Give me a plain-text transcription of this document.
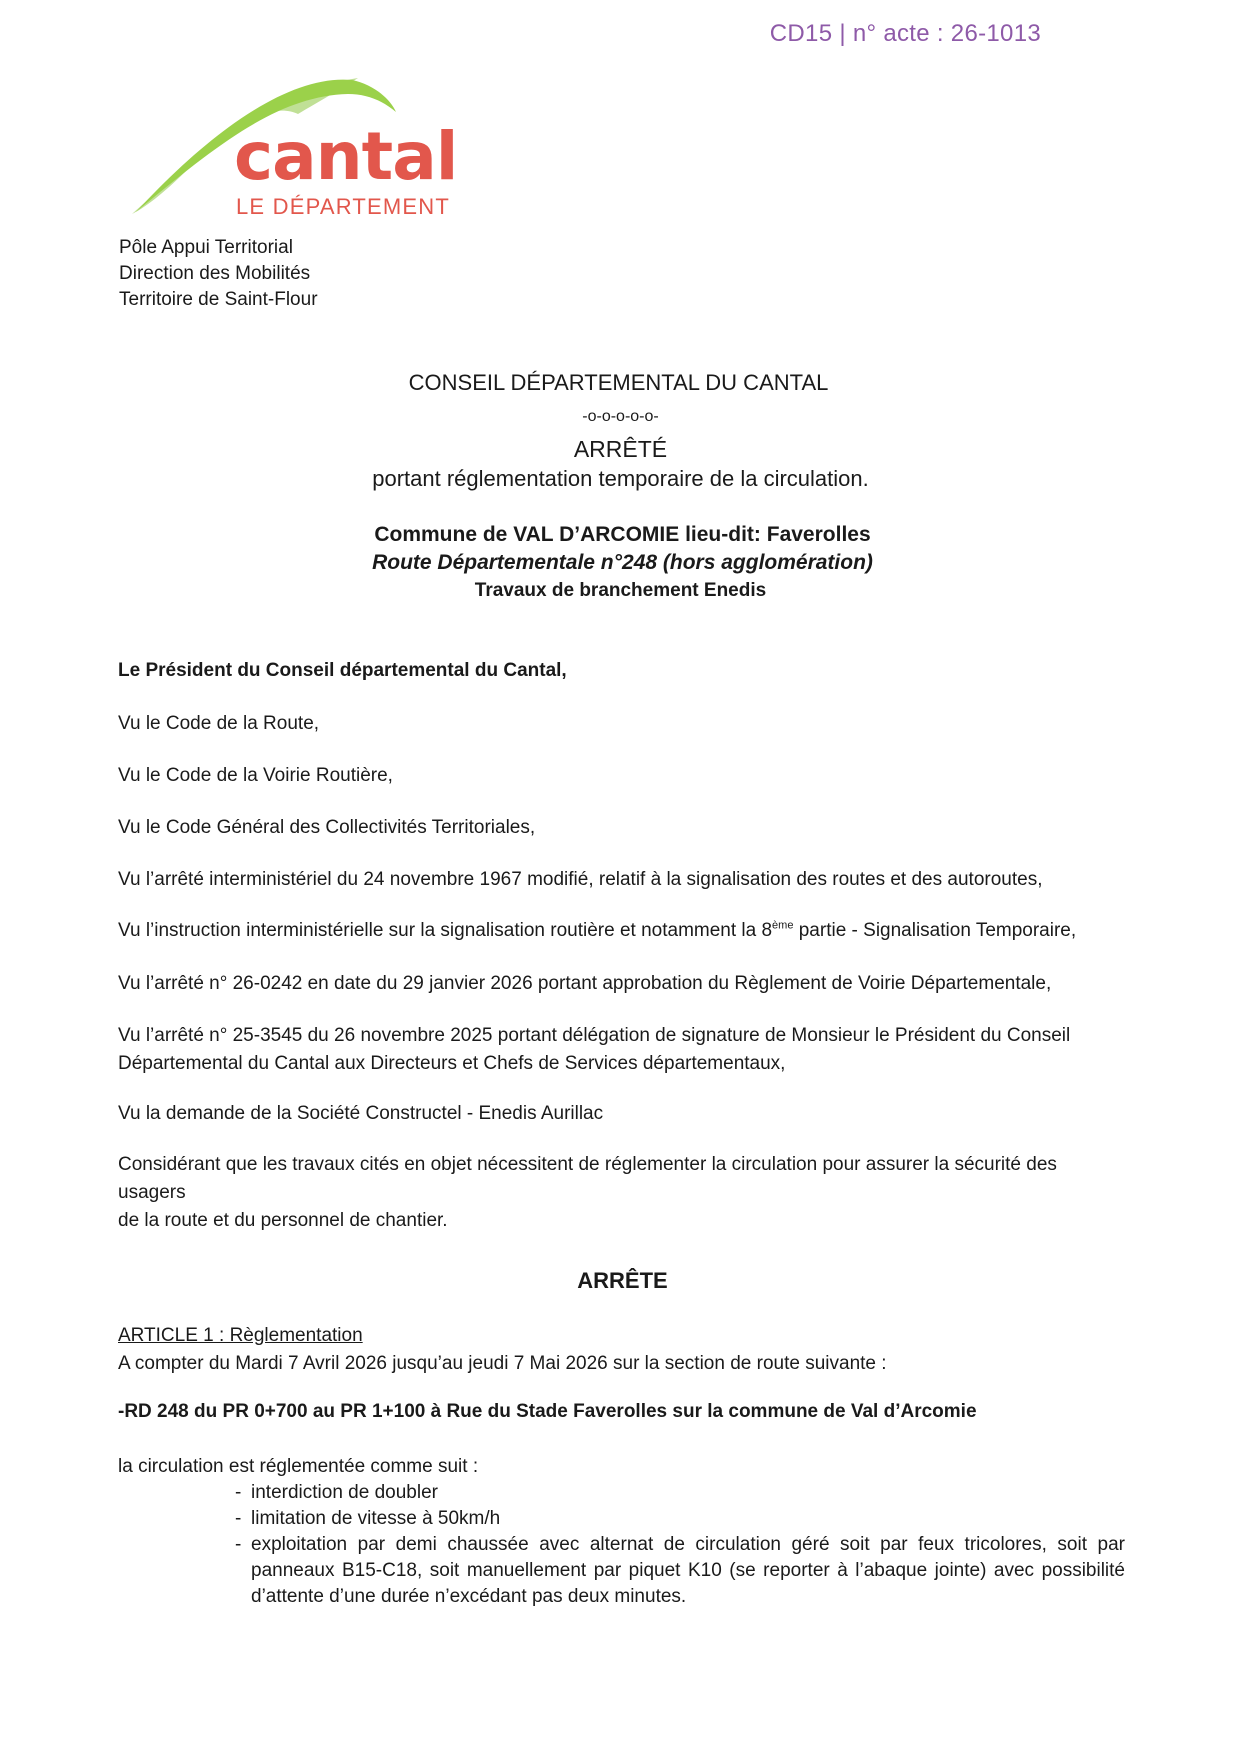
CD15 | n° acte : 26-1013
cantal
LE DÉPARTEMENT
Pôle Appui Territorial
Direction des Mobilités
Territoire de Saint-Flour
CONSEIL DÉPARTEMENTAL DU CANTAL
-o-o-o-o-o-
ARRÊTÉ
portant réglementation temporaire de la circulation.
Commune de VAL D’ARCOMIE lieu-dit: Faverolles
Route Départementale n°248 (hors agglomération)
Travaux de branchement Enedis
Le Président du Conseil départemental du Cantal,
Vu le Code de la Route,
Vu le Code de la Voirie Routière,
Vu le Code Général des Collectivités Territoriales,
Vu l’arrêté interministériel du 24 novembre 1967 modifié, relatif à la signalisation des routes et des autoroutes,
Vu l’instruction interministérielle sur la signalisation routière et notamment la 8ème partie - Signalisation Temporaire,
Vu l’arrêté n° 26-0242 en date du 29 janvier 2026 portant approbation du Règlement de Voirie Départementale,
Vu l’arrêté n° 25-3545 du 26 novembre 2025 portant délégation de signature de Monsieur le Président du Conseil
Départemental du Cantal aux Directeurs et Chefs de Services départementaux,
Vu la demande de la Société Constructel - Enedis Aurillac
Considérant que les travaux cités en objet nécessitent de réglementer la circulation pour assurer la sécurité des usagers
de la route et du personnel de chantier.
ARRÊTE
ARTICLE 1 : Règlementation
A compter du Mardi 7 Avril 2026 jusqu’au jeudi 7 Mai 2026 sur la section de route suivante :
-RD 248 du PR 0+700 au PR 1+100 à Rue du Stade Faverolles sur la commune de Val d’Arcomie
la circulation est réglementée comme suit :
- interdiction de doubler
- limitation de vitesse à 50km/h
- exploitation par demi chaussée avec alternat de circulation géré soit par feux tricolores, soit par panneaux B15-C18, soit manuellement par piquet K10 (se reporter à l’abaque jointe) avec possibilité d’attente d’une durée n’excédant pas deux minutes.
